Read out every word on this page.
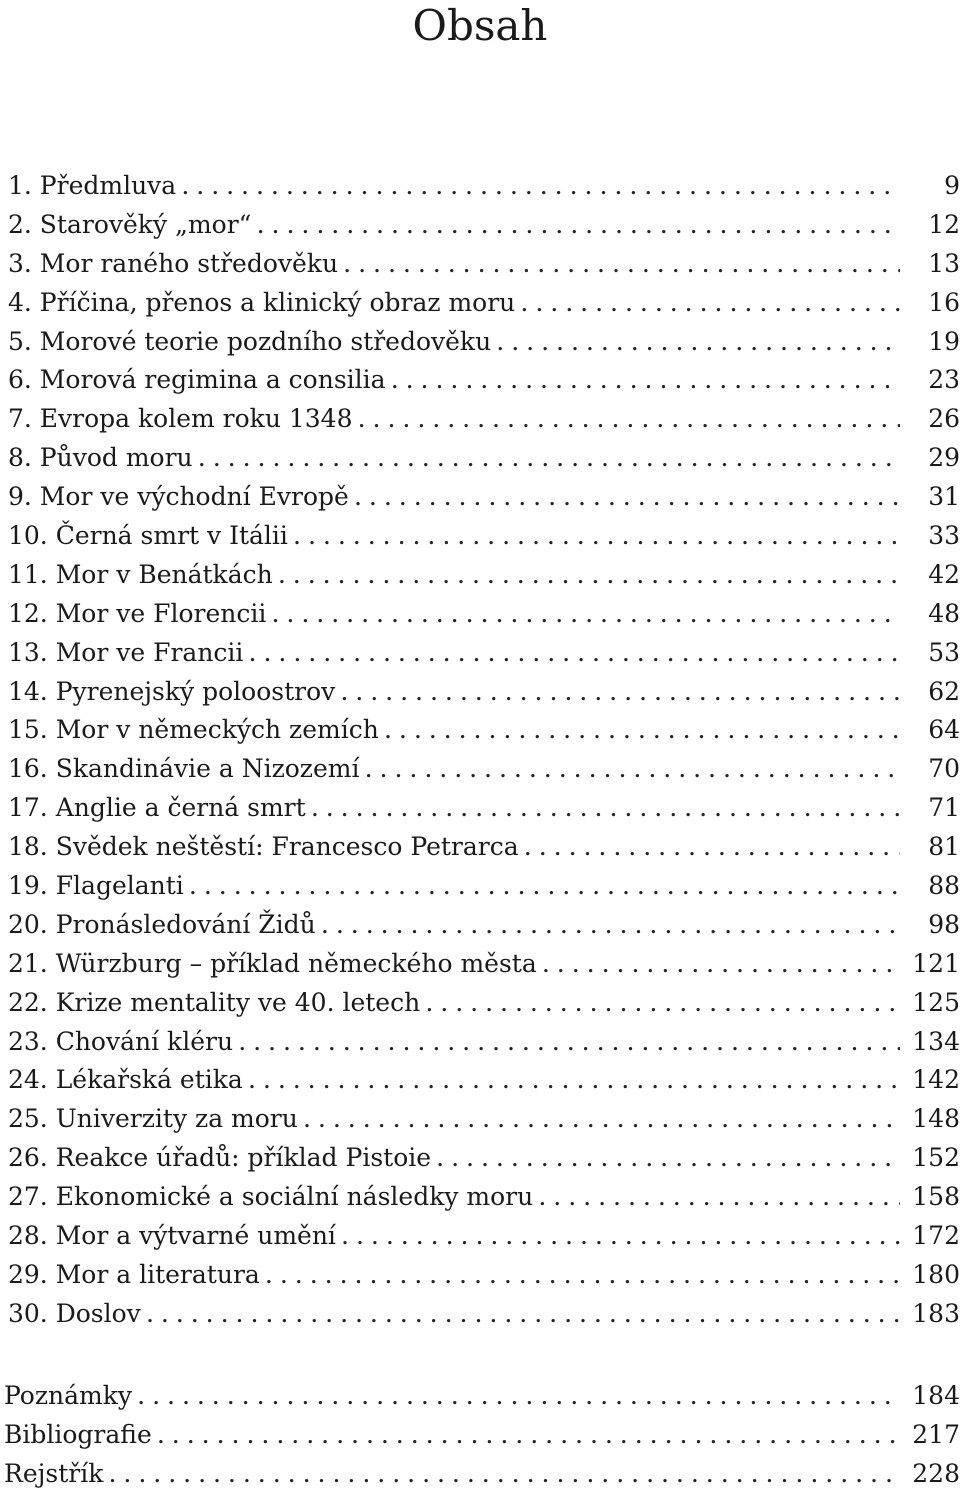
Obsah
1. Předmluva . . .	9
2. Starověký „mor“ . . .	12
3. Mor raného středověku . . .	13
4. Příčina, přenos a klinický obraz moru . . .	16
5. Morové teorie pozdního středověku . . .	19
6. Morová regimina a consilia . . .	23
7. Evropa kolem roku 1348 . . .	26
8. Původ moru . . .	29
9. Mor ve východní Evropě . . .	31
10. Černá smrt v Itálii . . .	33
11. Mor v Benátkách . . .	42
12. Mor ve Florencii . . .	48
13. Mor ve Francii . . .	53
14. Pyrenejský poloostrov . . .	62
15. Mor v německých zemích . . .	64
16. Skandinávie a Nizozemí . . .	70
17. Anglie a černá smrt . . .	71
18. Svědek neštěstí: Francesco Petrarca . . .	81
19. Flagelanti . . .	88
20. Pronásledování Židů . . .	98
21. Würzburg – příklad německého města . . .	121
22. Krize mentality ve 40. letech . . .	125
23. Chování kléru . . .	134
24. Lékařská etika . . .	142
25. Univerzity za moru . . .	148
26. Reakce úřadů: příklad Pistoie . . .	152
27. Ekonomické a sociální následky moru . . .	158
28. Mor a výtvarné umění . . .	172
29. Mor a literatura . . .	180
30. Doslov . . .	183
Poznámky . . .	184
Bibliografie . . .	217
Rejstřík . . .	228
